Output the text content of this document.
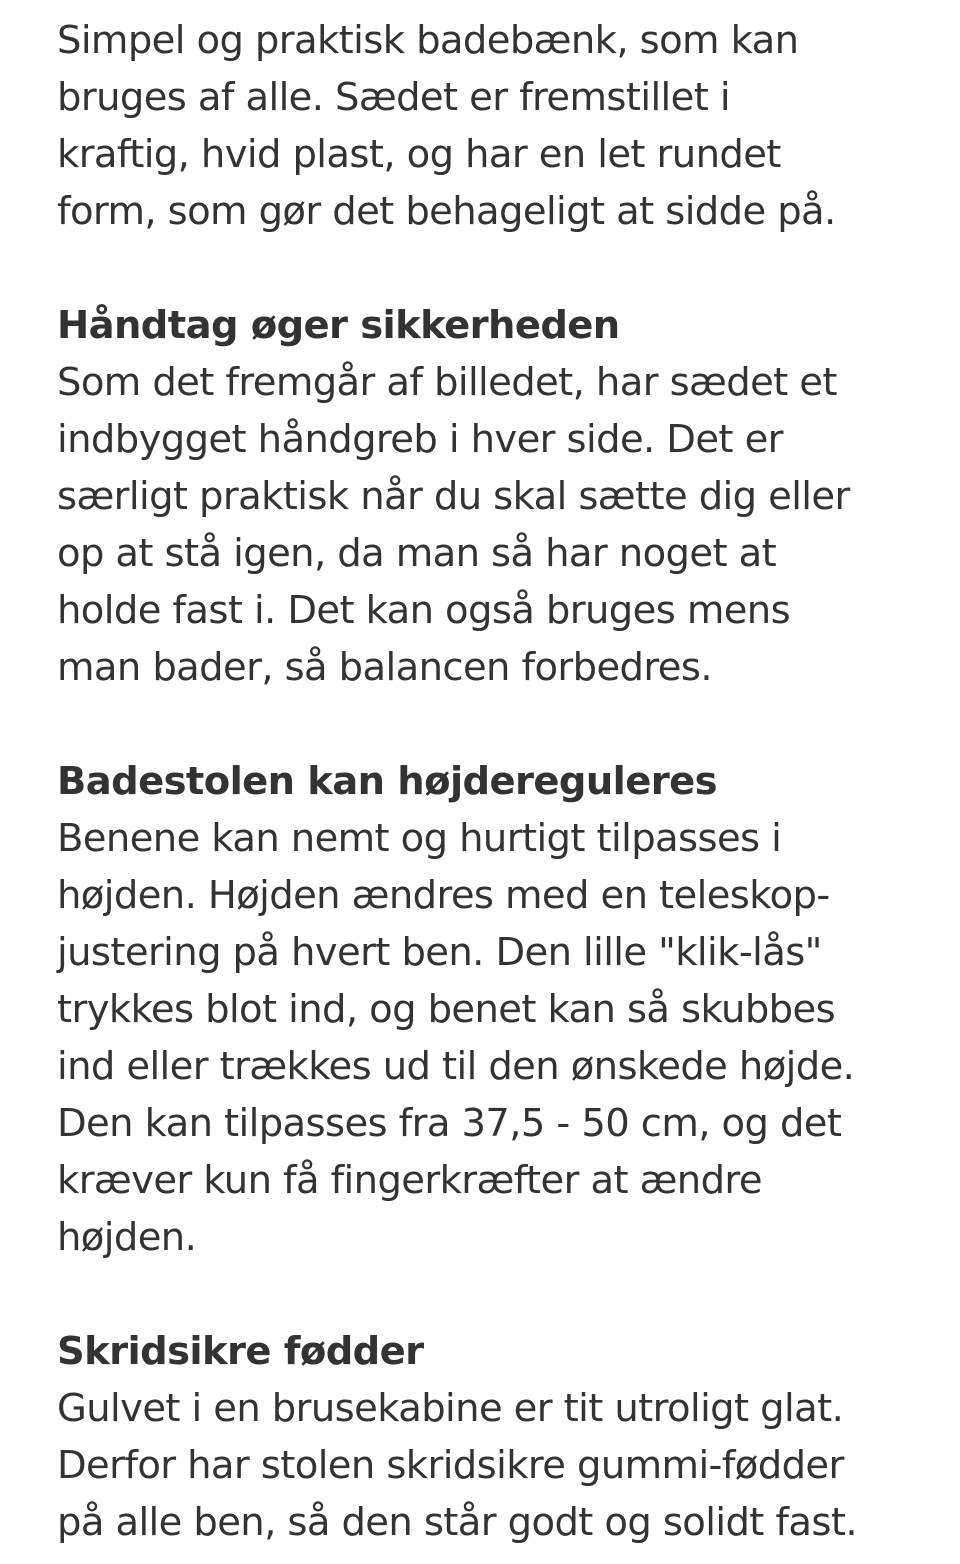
Simpel og praktisk badebænk, som kan
bruges af alle. Sædet er fremstillet i
kraftig, hvid plast, og har en let rundet
form, som gør det behageligt at sidde på.
Håndtag øger sikkerheden
Som det fremgår af billedet, har sædet et
indbygget håndgreb i hver side. Det er
særligt praktisk når du skal sætte dig eller
op at stå igen, da man så har noget at
holde fast i. Det kan også bruges mens
man bader, så balancen forbedres.
Badestolen kan højdereguleres
Benene kan nemt og hurtigt tilpasses i
højden. Højden ændres med en teleskop-
justering på hvert ben. Den lille "klik-lås"
trykkes blot ind, og benet kan så skubbes
ind eller trækkes ud til den ønskede højde.
Den kan tilpasses fra 37,5 - 50 cm, og det
kræver kun få fingerkræfter at ændre
højden.
Skridsikre fødder
Gulvet i en brusekabine er tit utroligt glat.
Derfor har stolen skridsikre gummi-fødder
på alle ben, så den står godt og solidt fast.
